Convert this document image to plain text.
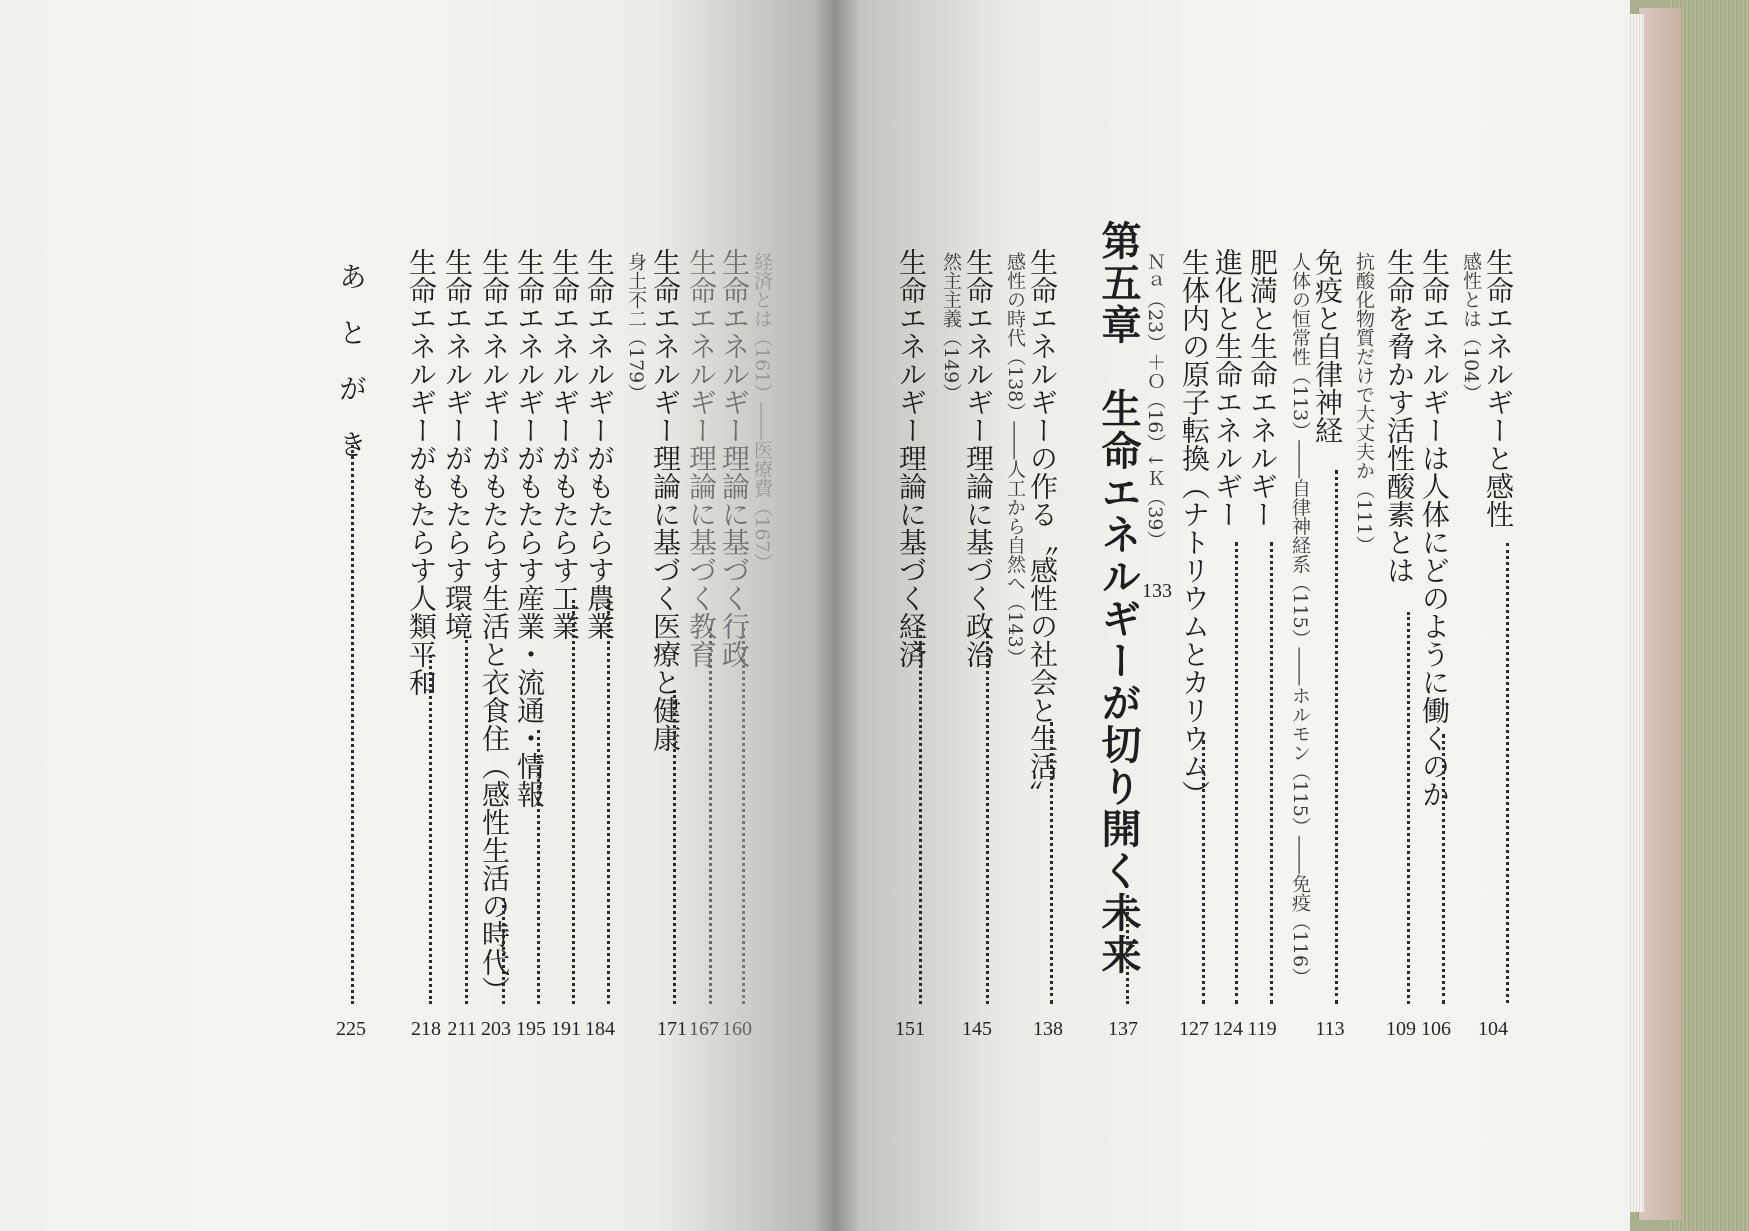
生命エネルギーと感性
104
感性とは（104）
生命エネルギーは人体にどのように働くのか
106
生命を脅かす活性酸素とは
109
抗酸化物質だけで大丈夫か（111）
免疫と自律神経
113
人体の恒常性（113）――自律神経系（115）――ホルモン（115）――免疫（116）
肥満と生命エネルギー
119
進化と生命エネルギー
124
生体内の原子転換（ナトリウムとカリウム）
127
Ｎａ（23）＋Ｏ（16）↓Ｋ（39）
133
第五章　生命エネルギーが切り開く未来
137
生命エネルギーの作る〝感性の社会と生活〟
138
感性の時代（138）――人工から自然へ（143）
生命エネルギー理論に基づく政治
145
然主主義（149）
生命エネルギー理論に基づく経済
151
経済とは（161）――医療費（167）
生命エネルギー理論に基づく行政
160
生命エネルギー理論に基づく教育
167
生命エネルギー理論に基づく医療と健康
171
身土不二（179）
生命エネルギーがもたらす農業
184
生命エネルギーがもたらす工業
191
生命エネルギーがもたらす産業・流通・情報
195
生命エネルギーがもたらす生活と衣食住（感性生活の時代）
203
生命エネルギーがもたらす環境
211
生命エネルギーがもたらす人類平和
218
あ　と　が　き
225
